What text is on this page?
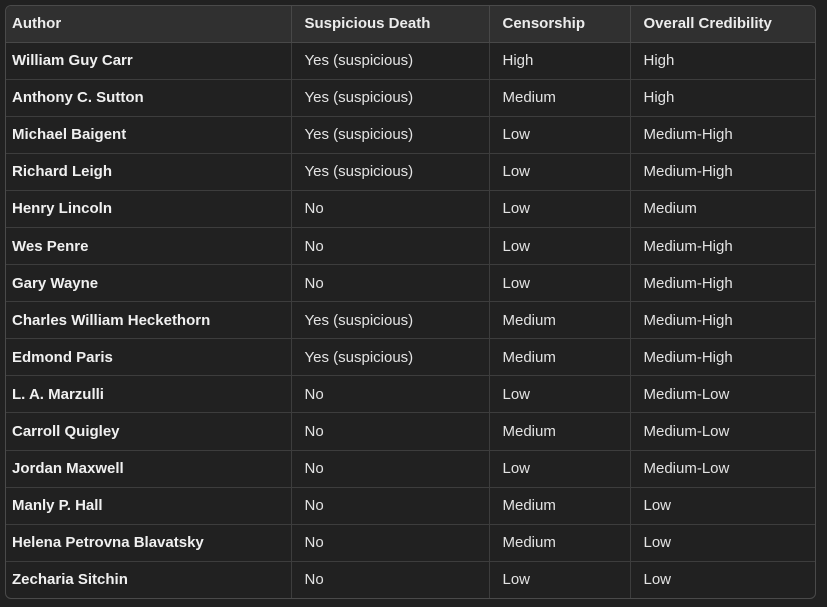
Author	Suspicious Death	Censorship	Overall Credibility
William Guy Carr	Yes (suspicious)	High	High
Anthony C. Sutton	Yes (suspicious)	Medium	High
Michael Baigent	Yes (suspicious)	Low	Medium-High
Richard Leigh	Yes (suspicious)	Low	Medium-High
Henry Lincoln	No	Low	Medium
Wes Penre	No	Low	Medium-High
Gary Wayne	No	Low	Medium-High
Charles William Heckethorn	Yes (suspicious)	Medium	Medium-High
Edmond Paris	Yes (suspicious)	Medium	Medium-High
L. A. Marzulli	No	Low	Medium-Low
Carroll Quigley	No	Medium	Medium-Low
Jordan Maxwell	No	Low	Medium-Low
Manly P. Hall	No	Medium	Low
Helena Petrovna Blavatsky	No	Medium	Low
Zecharia Sitchin	No	Low	Low
